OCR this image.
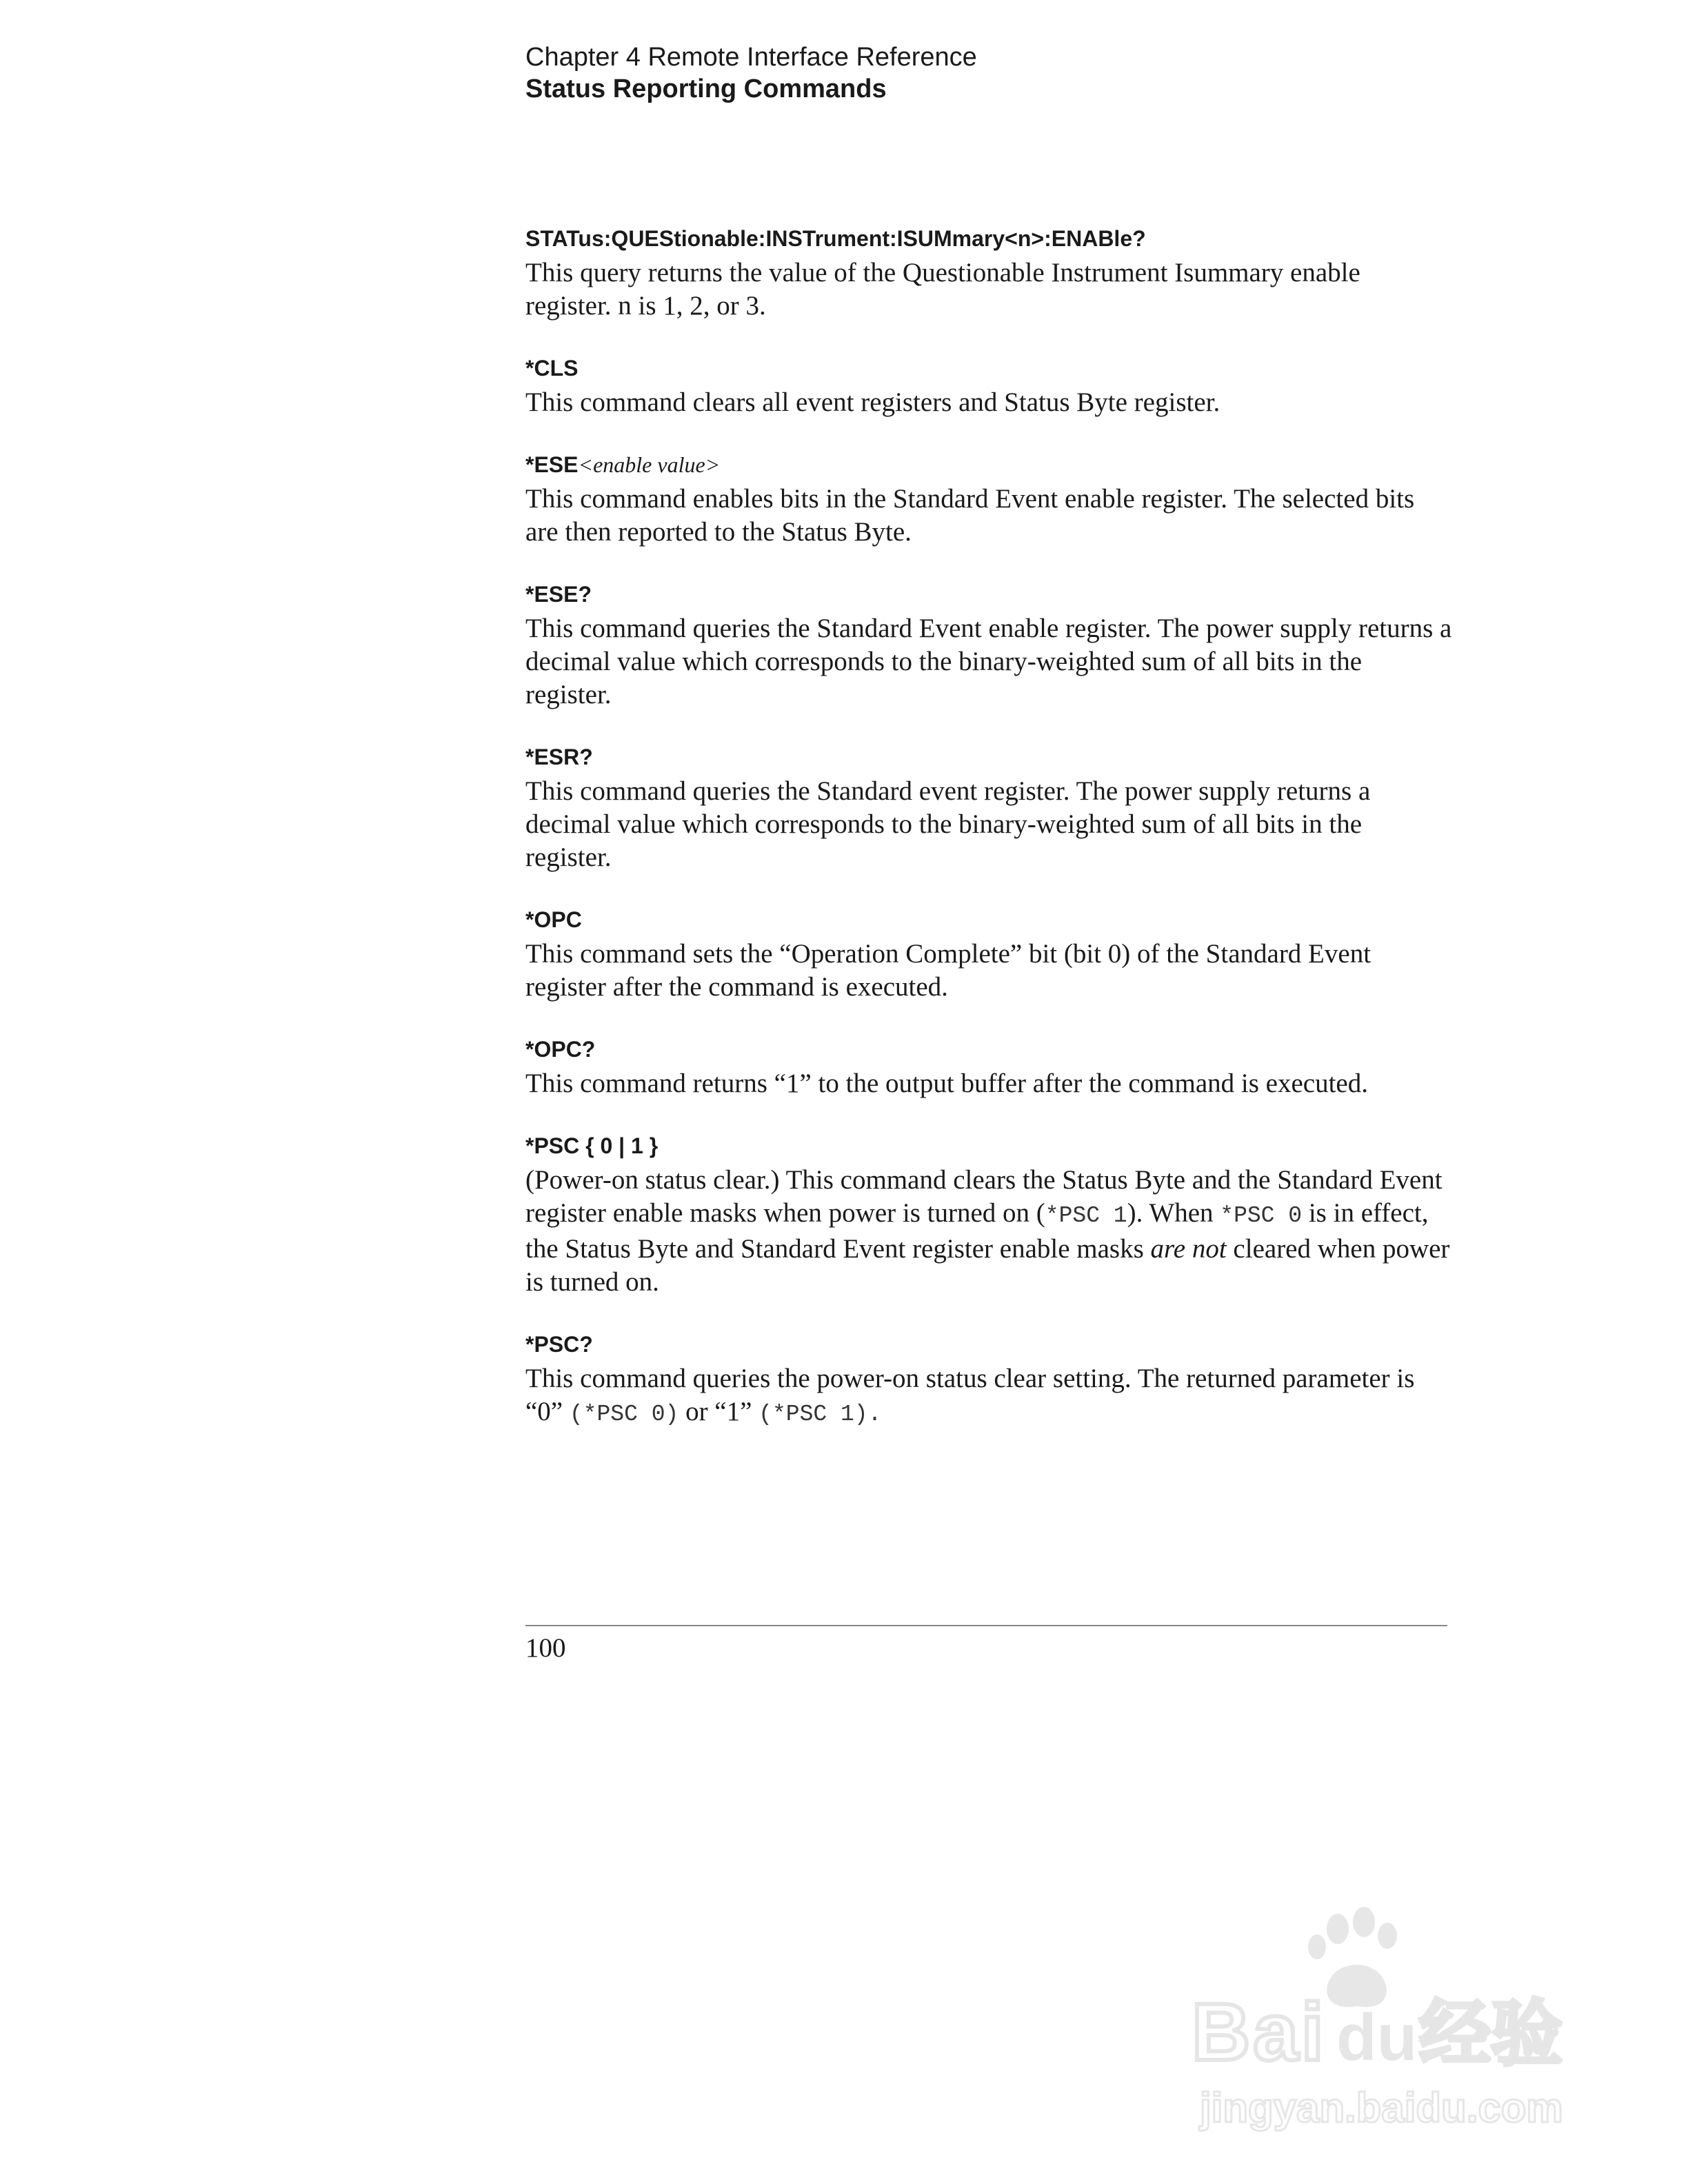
Chapter 4 Remote Interface Reference
Status Reporting Commands
STATus:QUEStionable:INSTrument:ISUMmary<n>:ENABle?

This query returns the value of the Questionable Instrument Isummary enable register. n is 1, 2, or 3.

*CLS

This command clears all event registers and Status Byte register.

*ESE<enable value>

This command enables bits in the Standard Event enable register. The selected bits are then reported to the Status Byte.

*ESE?

This command queries the Standard Event enable register. The power supply returns a decimal value which corresponds to the binary-weighted sum of all bits in the register.

*ESR?

This command queries the Standard event register. The power supply returns a decimal value which corresponds to the binary-weighted sum of all bits in the register.

*OPC

This command sets the “Operation Complete” bit (bit 0) of the Standard Event register after the command is executed.

*OPC?

This command returns “1” to the output buffer after the command is executed.

*PSC { 0 | 1 }

(Power-on status clear.) This command clears the Status Byte and the Standard Event register enable masks when power is turned on (*PSC 1). When *PSC 0 is in effect, the Status Byte and Standard Event register enable masks are not cleared when power is turned on.

*PSC?

This command queries the power-on status clear setting. The returned parameter is “0” (*PSC 0) or “1” (*PSC 1).

100
Bai du 经验
jingyan.baidu.com
